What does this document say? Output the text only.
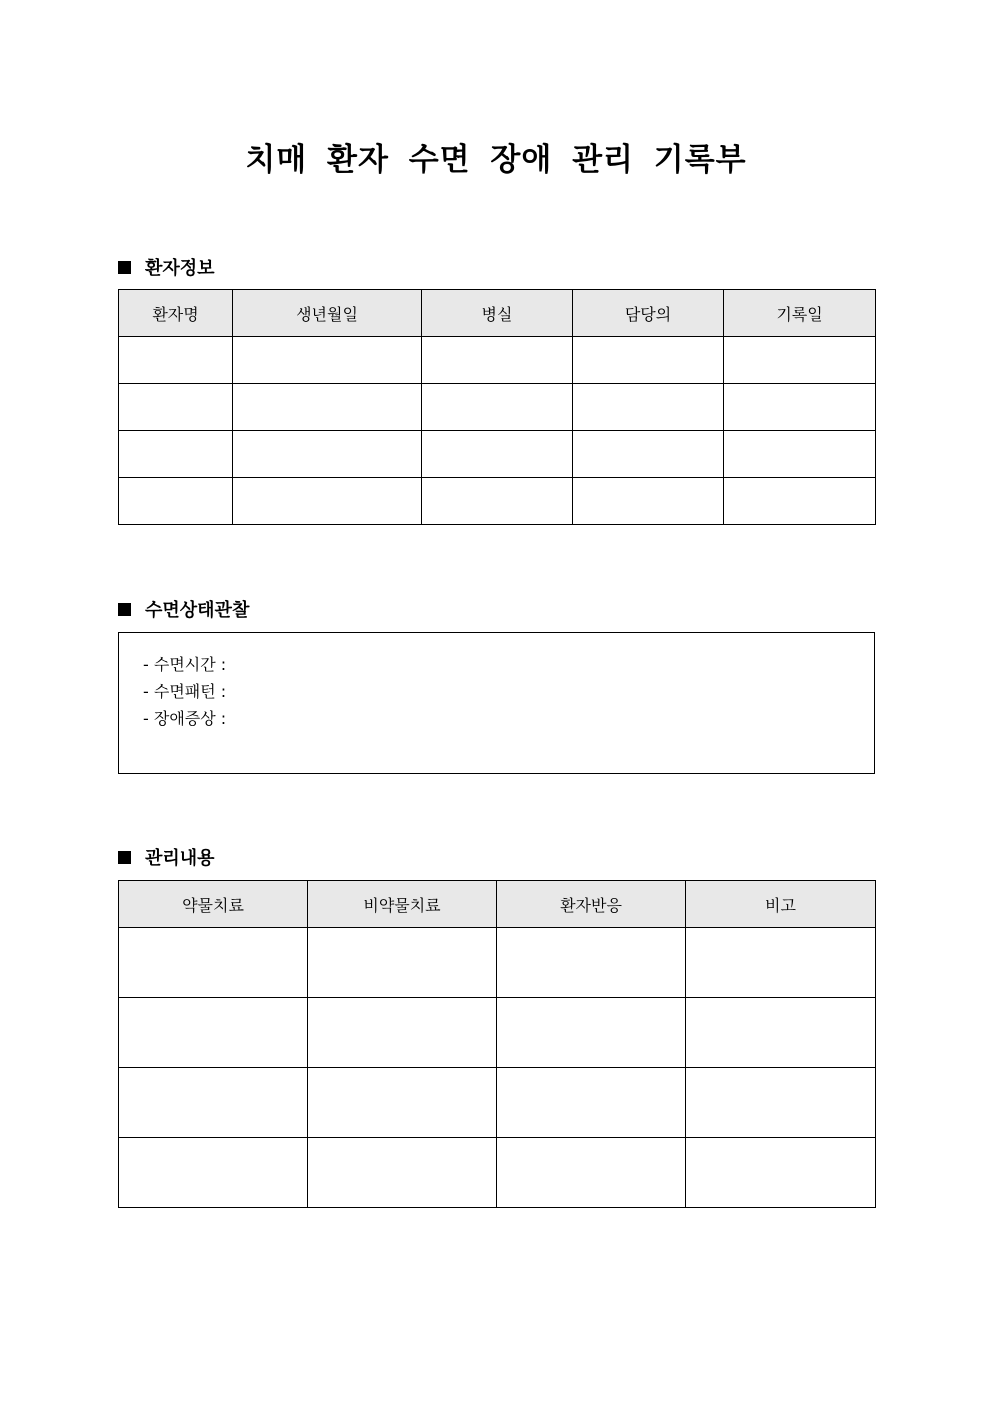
치매 환자 수면 장애 관리 기록부
환자정보
환자명	생년월일	병실	담당의	기록일

수면상태관찰
- 수면시간 :
- 수면패턴 :
- 장애증상 :
관리내용
약물치료	비약물치료	환자반응	비고
